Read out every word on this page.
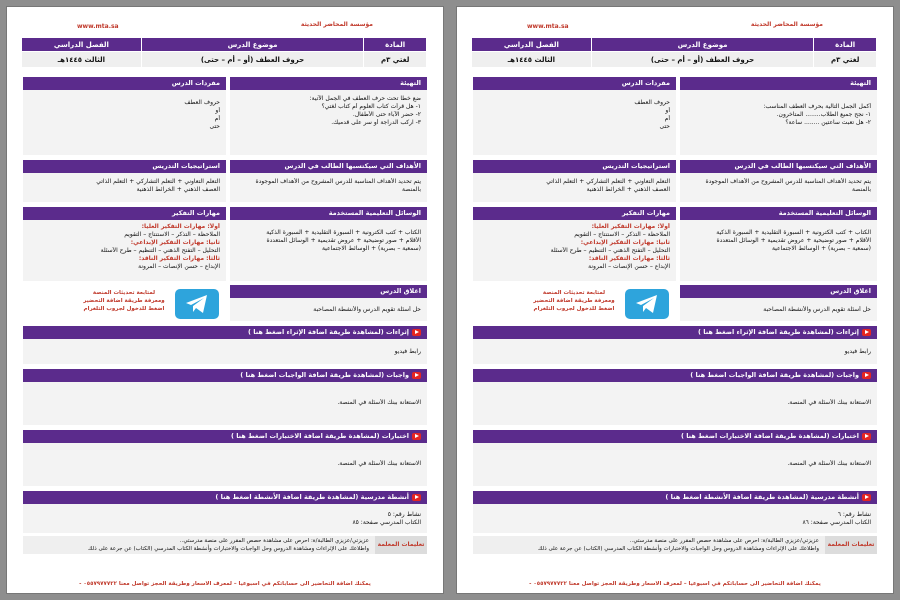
مؤسسة المحاضر الحديثة
www.mta.sa
المادة	موضوع الدرس	الفصل الدراسي
لغتي ٣م	حروف العطف (أو – أم – حتى)	الثالث ١٤٤٥هـ
التهيئة
ضع خطاً تحت حرف العطف في الجمل الآتية:
١- هل قرأت كتاب العلوم أم كتاب لغتي؟
٢- حضر الآباء حتى الأطفال.
٣- اركب الدراجة أو سر على قدميك.
مفردات الدرس
حروف العطف
أو
أم
حتى
الأهداف التي سيكتسبها الطالب في الدرس
يتم تحديد الأهداف المناسبة للدرس المشروح من الأهداف الموجودة بالمنصة
استراتيجيات التدريس
التعلم التعاوني + التعلم التشاركي + التعلم الذاتي
العصف الذهني + الخرائط الذهنية
الوسائل التعليمية المستخدمة
الكتاب + كتب الكترونية + السبورة التقليدية + السبورة الذكية
الأقلام + صور توضيحية + عروض تقديمية + الوسائل المتعددة
(سمعية – بصرية) + الوسائط الاجتماعية
مهارات التفكير
أولاً: مهارات التفكير العليا:
الملاحظة – التذكر – الاستنتاج – التقويم
ثانياً: مهارات التفكير الإبداعي:
التحليل – التفتح الذهني – التنظيم – طرح الأسئلة
ثالثاً: مهارات التفكير الناقد:
الإبداع – حسن الإنصات – المرونة
اغلاق الدرس
حل أسئلة تقويم الدرس والأنشطة المصاحبة
لمتابعة تحديثات المنصة
ومعرفة طريقة اضافة التحضير
اضغط للدخول لجروب التلغرام
إثراءات (لمشاهدة طريقة اضافة الإثراء اضغط هنا )
رابط فيديو
واجبات (لمشاهدة طريقة اضافة الواجبات اضغط هنا )
الاستعانة ببنك الأسئلة في المنصة.
اختبارات (لمشاهدة طريقة اضافة الاختبارات اضغط هنا )
الاستعانة ببنك الأسئلة في المنصة.
أنشطة مدرسية (لمشاهدة طريقة اضافة الأنشطة اضغط هنا )
نشاط رقم: ٥
الكتاب المدرسي صفحة: ٨٥
تعليمات المعلمة
عزيزتي/عزيزي الطالبة/ة: احرص على مشاهدة حصص المقرر على منصة مدرستي..
واطلاعك على الإثراءات ومشاهدة الدروس وحل الواجبات والاختبارات وأنشطة الكتاب المدرسي (الكتاب) عن جرعة على ذلك
يمكنك اضافة التحاضير الى حساباتكم في اسبوعيا – لمعرف الاسعار وطريقة الحجز تواصل معنا ٠٥٥٧٩٧٧٧٢٢ -
مؤسسة المحاضر الحديثة
www.mta.sa
المادة	موضوع الدرس	الفصل الدراسي
لغتي ٣م	حروف العطف (أو – أم – حتى)	الثالث ١٤٤٥هـ
التهيئة
أكمل الجمل التالية بحرف العطف المناسب:
١- نجح جميع الطلاب........ المتأخرون.
٢- هل تعبت ساعتين ........ ساعة؟
مفردات الدرس
حروف العطف
أو
أم
حتى
الأهداف التي سيكتسبها الطالب في الدرس
يتم تحديد الأهداف المناسبة للدرس المشروح من الأهداف الموجودة بالمنصة
استراتيجيات التدريس
التعلم التعاوني + التعلم التشاركي + التعلم الذاتي
العصف الذهني + الخرائط الذهنية
الوسائل التعليمية المستخدمة
الكتاب + كتب الكترونية + السبورة التقليدية + السبورة الذكية
الأقلام + صور توضيحية + عروض تقديمية + الوسائل المتعددة
(سمعية – بصرية) + الوسائط الاجتماعية
مهارات التفكير
أولاً: مهارات التفكير العليا:
الملاحظة – التذكر – الاستنتاج – التقويم
ثانياً: مهارات التفكير الإبداعي:
التحليل – التفتح الذهني – التنظيم – طرح الأسئلة
ثالثاً: مهارات التفكير الناقد:
الإبداع – حسن الإنصات – المرونة
اغلاق الدرس
حل أسئلة تقويم الدرس والأنشطة المصاحبة
لمتابعة تحديثات المنصة
ومعرفة طريقة اضافة التحضير
اضغط للدخول لجروب التلغرام
إثراءات (لمشاهدة طريقة اضافة الإثراء اضغط هنا )
رابط فيديو
واجبات (لمشاهدة طريقة اضافة الواجبات اضغط هنا )
الاستعانة ببنك الأسئلة في المنصة.
اختبارات (لمشاهدة طريقة اضافة الاختبارات اضغط هنا )
الاستعانة ببنك الأسئلة في المنصة.
أنشطة مدرسية (لمشاهدة طريقة اضافة الأنشطة اضغط هنا )
نشاط رقم: ٦
الكتاب المدرسي صفحة: ٨٦
تعليمات المعلمة
عزيزتي/عزيزي الطالبة/ة: احرص على مشاهدة حصص المقرر على منصة مدرستي..
واطلاعك على الإثراءات ومشاهدة الدروس وحل الواجبات والاختبارات وأنشطة الكتاب المدرسي (الكتاب) عن جرعة على ذلك
يمكنك اضافة التحاضير الى حساباتكم في اسبوعيا – لمعرف الاسعار وطريقة الحجز تواصل معنا ٠٥٥٧٩٧٧٧٢٢ -
